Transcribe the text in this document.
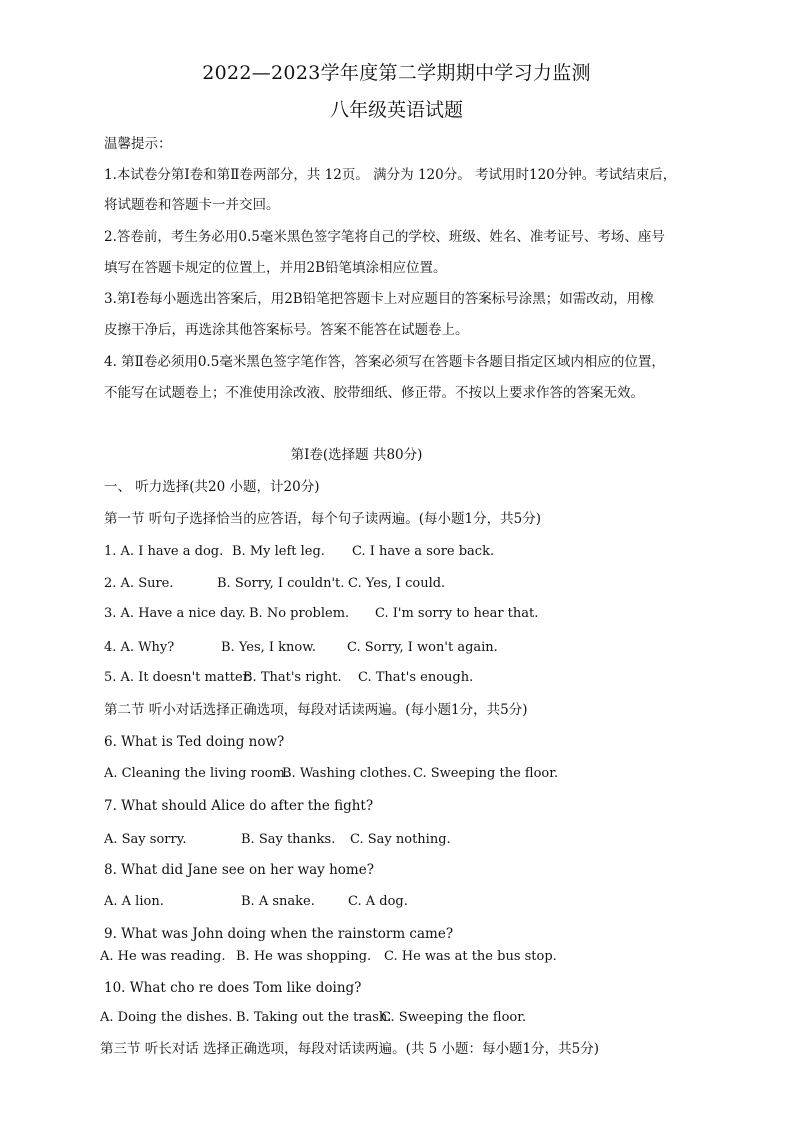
2022—2023学年度第二学期期中学习力监测
八年级英语试题
温馨提示：
1.本试卷分第Ⅰ卷和第Ⅱ卷两部分，共 12页。 满分为 120分。 考试用时120分钟。考试结束后，
将试题卷和答题卡一并交回。
2.答卷前，考生务必用0.5毫米黑色签字笔将自己的学校、班级、姓名、准考证号、考场、座号
填写在答题卡规定的位置上，并用2B铅笔填涂相应位置。
3.第Ⅰ卷每小题选出答案后，用2B铅笔把答题卡上对应题目的答案标号涂黑；如需改动，用橡
皮擦干净后，再选涂其他答案标号。答案不能答在试题卷上。
4. 第Ⅱ卷必须用0.5毫米黑色签字笔作答，答案必须写在答题卡各题目指定区域内相应的位置，
不能写在试题卷上；不准使用涂改液、胶带细纸、修正带。不按以上要求作答的答案无效。
第Ⅰ卷(选择题 共80分)
一、 听力选择(共20 小题，计20分)
第一节 听句子选择恰当的应答语，每个句子读两遍。(每小题1分，共5分)
1. A. I have a dog. B. My left leg. C. I have a sore back.
2. A. Sure.	B. Sorry, I couldn't. C. Yes, I could.
3. A. Have a nice day. B. No problem. C. I'm sorry to hear that.
4. A. Why?	B. Yes, I know. C. Sorry, I won't again.
5. A. It doesn't matter.
B. That's right. C. That's enough.
第二节 听小对话选择正确选项，每段对话读两遍。(每小题1分，共5分)
6. What is Ted doing now?
A. Cleaning the living room.
B. Washing clothes. C. Sweeping the floor.
7. What should Alice do after the fight?
A. Say sorry.	B. Say thanks. C. Say nothing.
8. What did Jane see on her way home?
A. A lion.	B. A snake.	C. A dog.
9. What was John doing when the rainstorm came?
A. He was reading. B. He was shopping. C. He was at the bus stop.
10. What cho re does Tom like doing?
A. Doing the dishes. B. Taking out the trash.
C. Sweeping the floor.
第三节 听长对话 选择正确选项，每段对话读两遍。(共 5 小题：每小题1分，共5分)
